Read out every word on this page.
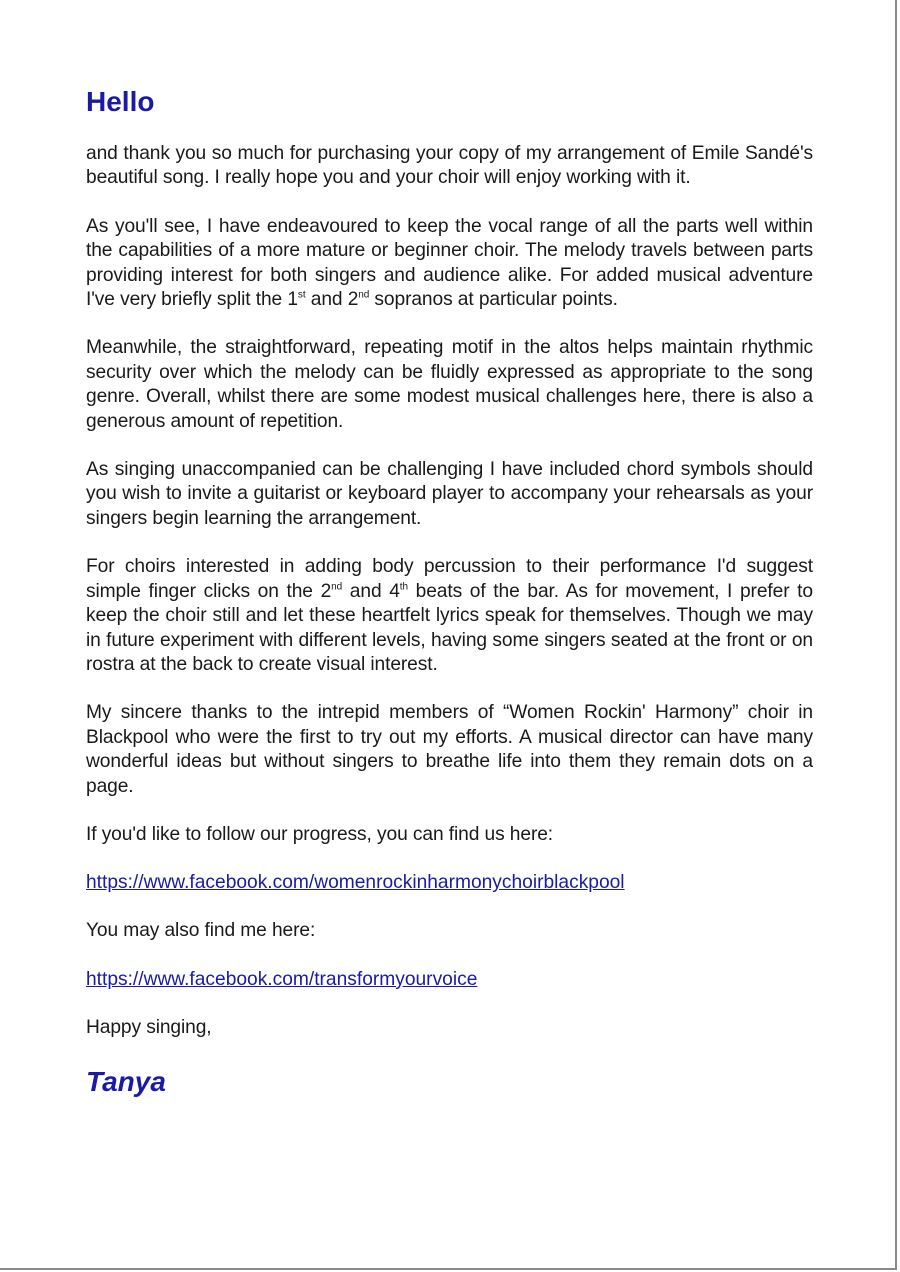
Hello

and thank you so much for purchasing your copy of my arrangement of Emile Sandé's beautiful song. I really hope you and your choir will enjoy working with it.

As you'll see, I have endeavoured to keep the vocal range of all the parts well within the capabilities of a more mature or beginner choir. The melody travels between parts providing interest for both singers and audience alike. For added musical adventure I've very briefly split the 1st and 2nd sopranos at particular points.

Meanwhile, the straightforward, repeating motif in the altos helps maintain rhythmic security over which the melody can be fluidly expressed as appropriate to the song genre. Overall, whilst there are some modest musical challenges here, there is also a generous amount of repetition.

As singing unaccompanied can be challenging I have included chord symbols should you wish to invite a guitarist or keyboard player to accompany your rehearsals as your singers begin learning the arrangement.

For choirs interested in adding body percussion to their performance I'd suggest simple finger clicks on the 2nd and 4th beats of the bar. As for movement, I prefer to keep the choir still and let these heartfelt lyrics speak for themselves. Though we may in future experiment with different levels, having some singers seated at the front or on rostra at the back to create visual interest.

My sincere thanks to the intrepid members of “Women Rockin' Harmony” choir in Blackpool who were the first to try out my efforts. A musical director can have many wonderful ideas but without singers to breathe life into them they remain dots on a page.

If you'd like to follow our progress, you can find us here:

https://www.facebook.com/womenrockinharmonychoirblackpool

You may also find me here:

https://www.facebook.com/transformyourvoice

Happy singing,

Tanya
